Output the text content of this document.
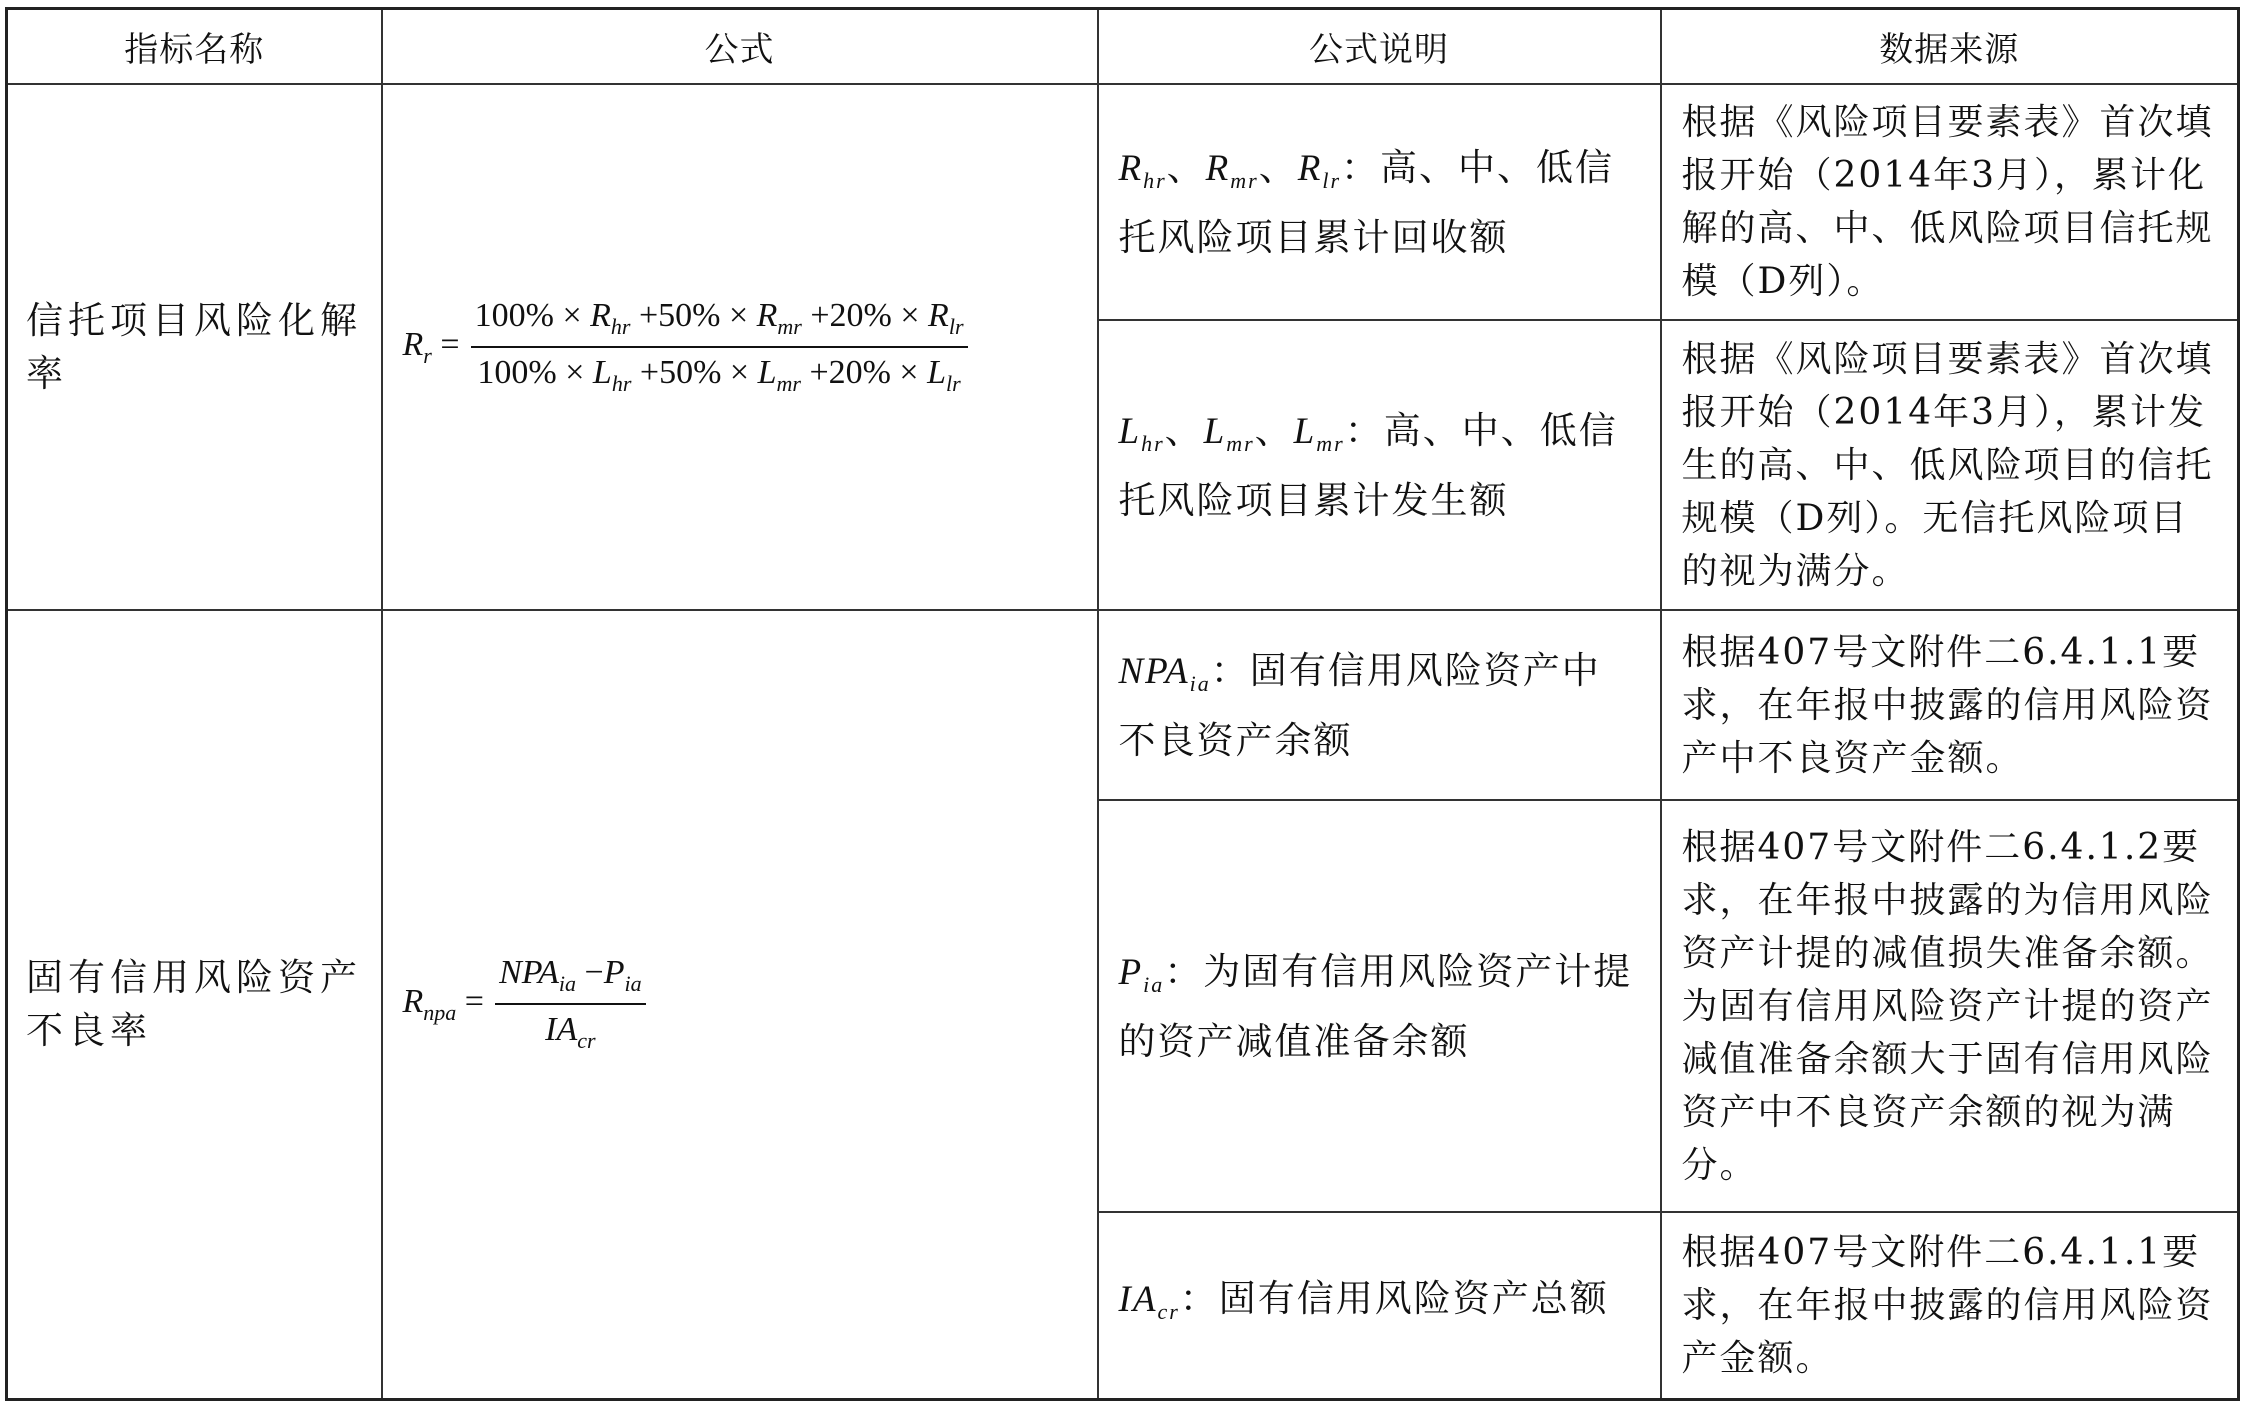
指标名称	公式	公式说明	数据来源
信托项目风险化解率	$R_r = \frac{100\% \times R_{hr} +50\% \times R_{mr} +20\% \times R_{lr}}{100\% \times L_{hr} +50\% \times L_{mr} +20\% \times L_{lr}}$	$R_{hr}$、$R_{mr}$、$R_{lr}$：高、中、低信托风险项目累计回收额	根据《风险项目要素表》首次填报开始（2014年3月），累计化解的高、中、低风险项目信托规模（D列）。
		$L_{hr}$、$L_{mr}$、$L_{mr}$：高、中、低信托风险项目累计发生额	根据《风险项目要素表》首次填报开始（2014年3月），累计发生的高、中、低风险项目的信托规模（D列）。无信托风险项目的视为满分。
固有信用风险资产不良率	$R_{npa} = \frac{NPA_{ia} -P_{ia}}{IA_{cr}}$	$NPA_{ia}$：固有信用风险资产中不良资产余额	根据407号文附件二6.4.1.1要求，在年报中披露的信用风险资产中不良资产金额。
		$P_{ia}$：为固有信用风险资产计提的资产减值准备余额	根据407号文附件二6.4.1.2要求，在年报中披露的为信用风险资产计提的减值损失准备余额。为固有信用风险资产计提的资产减值准备余额大于固有信用风险资产中不良资产余额的视为满分。
		$IA_{cr}$：固有信用风险资产总额	根据407号文附件二6.4.1.1要求，在年报中披露的信用风险资产金额。
